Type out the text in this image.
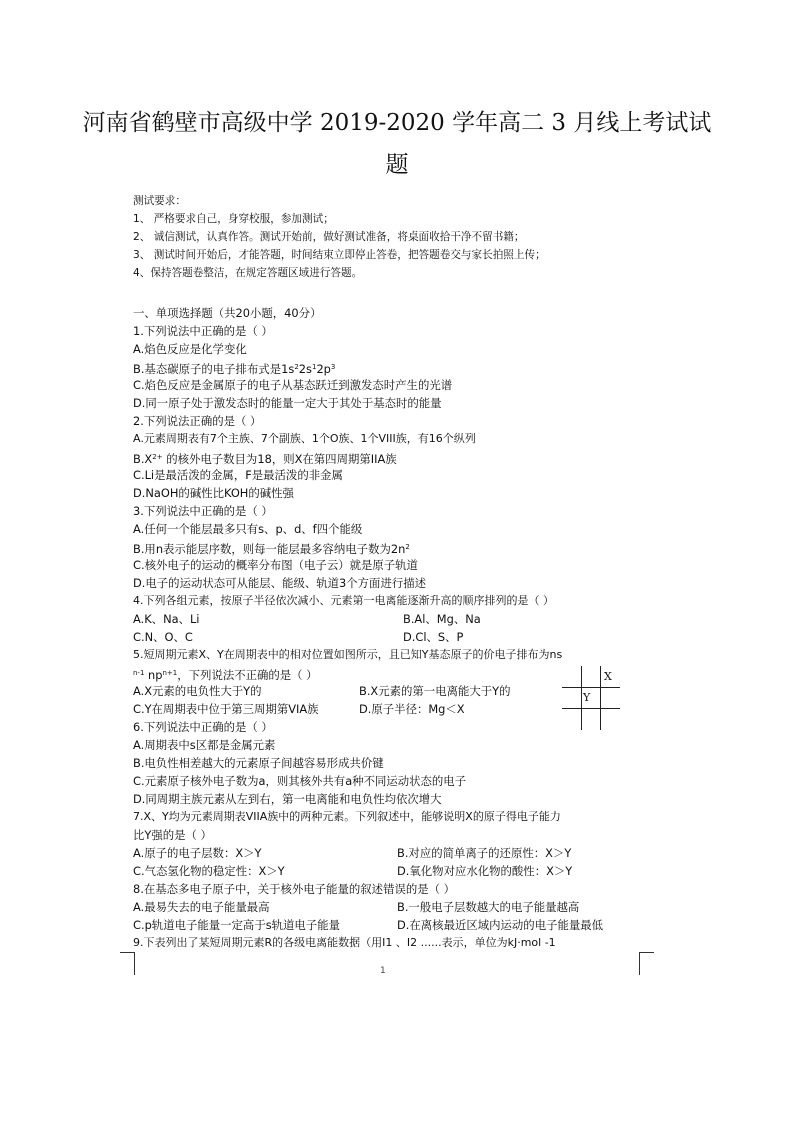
河南省鹤壁市高级中学 2019-2020 学年高二 3 月线上考试试
题
测试要求：
1、 严格要求自己，身穿校服，参加测试；
2、 诚信测试，认真作答。测试开始前，做好测试准备，将桌面收拾干净不留书籍；
3、 测试时间开始后，才能答题，时间结束立即停止答卷，把答题卷交与家长拍照上传；
4、保持答题卷整洁，在规定答题区域进行答题。
一、单项选择题（共20小题，40分）
1.下列说法中正确的是（ ）
A.焰色反应是化学变化
B.基态碳原子的电子排布式是$1s^22s^12p^3$
C.焰色反应是金属原子的电子从基态跃迁到激发态时产生的光谱
D.同一原子处于激发态时的能量一定大于其处于基态时的能量
2.下列说法正确的是（ ）
A.元素周期表有7个主族、7个副族、1个O族、1个VIII族，有16个纵列
$B.X^{2+}$ 的核外电子数目为18，则X在第四周期第IIA族
C.Li是最活泼的金属，F是最活泼的非金属
D.NaOH的碱性比KOH的碱性强
3.下列说法中正确的是（ ）
A.任何一个能层最多只有s、p、d、f四个能级
B.用n表示能层序数，则每一能层最多容纳电子数为$2n^2$
C.核外电子的运动的概率分布图（电子云）就是原子轨道
D.电子的运动状态可从能层、能级、轨道3个方面进行描述
4.下列各组元素，按原子半径依次减小、元素第一电离能逐渐升高的顺序排列的是（ ）
A.K、Na、Li	B.Al、Mg、Na
C.N、O、C	D.Cl、S、P
5.短周期元素X、Y在周期表中的相对位置如图所示，且已知Y基态原子的价电子排布为ns
$^{n-1}$ $np^{n+1}$，下列说法不正确的是（ ）
A.X元素的电负性大于Y的	B.X元素的第一电离能大于Y的
C.Y在周期表中位于第三周期第VIA族	D.原子半径：Mg＜X
6.下列说法中正确的是（ ）
A.周期表中s区都是金属元素
B.电负性相差越大的元素原子间越容易形成共价键
C.元素原子核外电子数为a，则其核外共有a种不同运动状态的电子
D.同周期主族元素从左到右，第一电离能和电负性均依次增大
7.X、Y均为元素周期表VIIA族中的两种元素。下列叙述中，能够说明X的原子得电子能力
比Y强的是（ ）
A.原子的电子层数：X＞Y	B.对应的简单离子的还原性：X＞Y
C.气态氢化物的稳定性：X＞Y	D.氧化物对应水化物的酸性：X＞Y
8.在基态多电子原子中，关于核外电子能量的叙述错误的是（ ）
A.最易失去的电子能量最高	B.一般电子层数越大的电子能量越高
C.p轨道电子能量一定高于s轨道电子能量	D.在离核最近区域内运动的电子能量最低
9.下表列出了某短周期元素R的各级电离能数据（用I1 、I2 ......表示，单位为kJ·mol -1
X
Y
1
